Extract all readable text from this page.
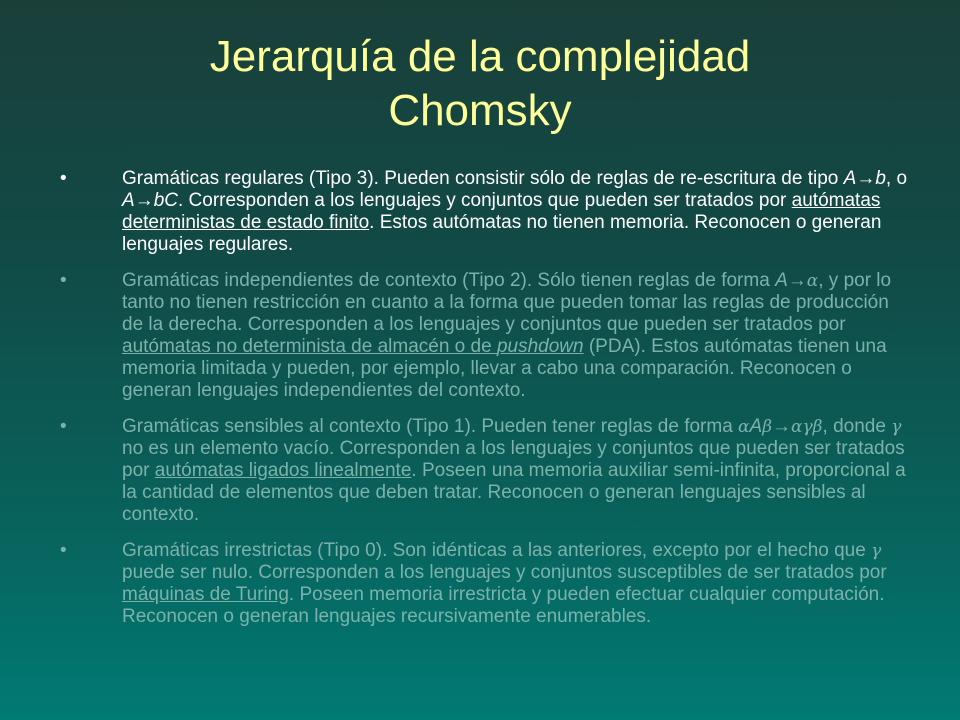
Jerarquía de la complejidad
Chomsky
•	Gramáticas regulares (Tipo 3). Pueden consistir sólo de reglas de re-escritura de tipo A→b, o A→bC. Corresponden a los lenguajes y conjuntos que pueden ser tratados por autómatas deterministas de estado finito. Estos autómatas no tienen memoria. Reconocen o generan lenguajes regulares.
•	Gramáticas independientes de contexto (Tipo 2). Sólo tienen reglas de forma A→α, y por lo tanto no tienen restricción en cuanto a la forma que pueden tomar las reglas de producción de la derecha. Corresponden a los lenguajes y conjuntos que pueden ser tratados por autómatas no determinista de almacén o de pushdown (PDA). Estos autómatas tienen una memoria limitada y pueden, por ejemplo, llevar a cabo una comparación. Reconocen o generan lenguajes independientes del contexto.
•	Gramáticas sensibles al contexto (Tipo 1). Pueden tener reglas de forma αAβ→αγβ, donde γ no es un elemento vacío. Corresponden a los lenguajes y conjuntos que pueden ser tratados por autómatas ligados linealmente. Poseen una memoria auxiliar semi-infinita, proporcional a la cantidad de elementos que deben tratar. Reconocen o generan lenguajes sensibles al contexto.
•	Gramáticas irrestrictas (Tipo 0). Son idénticas a las anteriores, excepto por el hecho que γ puede ser nulo. Corresponden a los lenguajes y conjuntos susceptibles de ser tratados por máquinas de Turing. Poseen memoria irrestricta y pueden efectuar cualquier computación. Reconocen o generan lenguajes recursivamente enumerables.
